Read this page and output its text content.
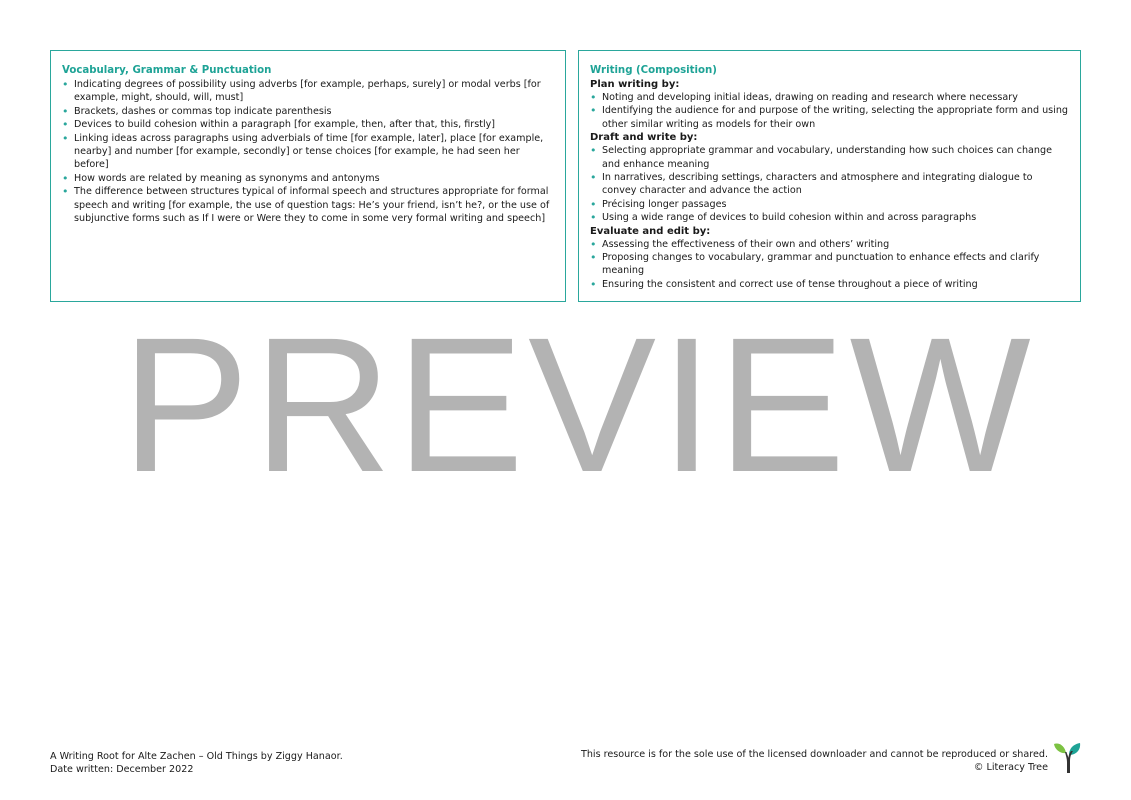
Vocabulary, Grammar & Punctuation
• Indicating degrees of possibility using adverbs [for example, perhaps, surely] or modal verbs [for example, might, should, will, must]
• Brackets, dashes or commas top indicate parenthesis
• Devices to build cohesion within a paragraph [for example, then, after that, this, firstly]
• Linking ideas across paragraphs using adverbials of time [for example, later], place [for example, nearby] and number [for example, secondly] or tense choices [for example, he had seen her before]
• How words are related by meaning as synonyms and antonyms
• The difference between structures typical of informal speech and structures appropriate for formal speech and writing [for example, the use of question tags: He’s your friend, isn’t he?, or the use of subjunctive forms such as If I were or Were they to come in some very formal writing and speech]
Writing (Composition)
Plan writing by:
• Noting and developing initial ideas, drawing on reading and research where necessary
• Identifying the audience for and purpose of the writing, selecting the appropriate form and using other similar writing as models for their own
Draft and write by:
• Selecting appropriate grammar and vocabulary, understanding how such choices can change and enhance meaning
• In narratives, describing settings, characters and atmosphere and integrating dialogue to convey character and advance the action
• Précising longer passages
• Using a wide range of devices to build cohesion within and across paragraphs
Evaluate and edit by:
• Assessing the effectiveness of their own and others’ writing
• Proposing changes to vocabulary, grammar and punctuation to enhance effects and clarify meaning
• Ensuring the consistent and correct use of tense throughout a piece of writing
PREVIEW
A Writing Root for Alte Zachen – Old Things by Ziggy Hanaor.
Date written: December 2022
This resource is for the sole use of the licensed downloader and cannot be reproduced or shared.
© Literacy Tree
